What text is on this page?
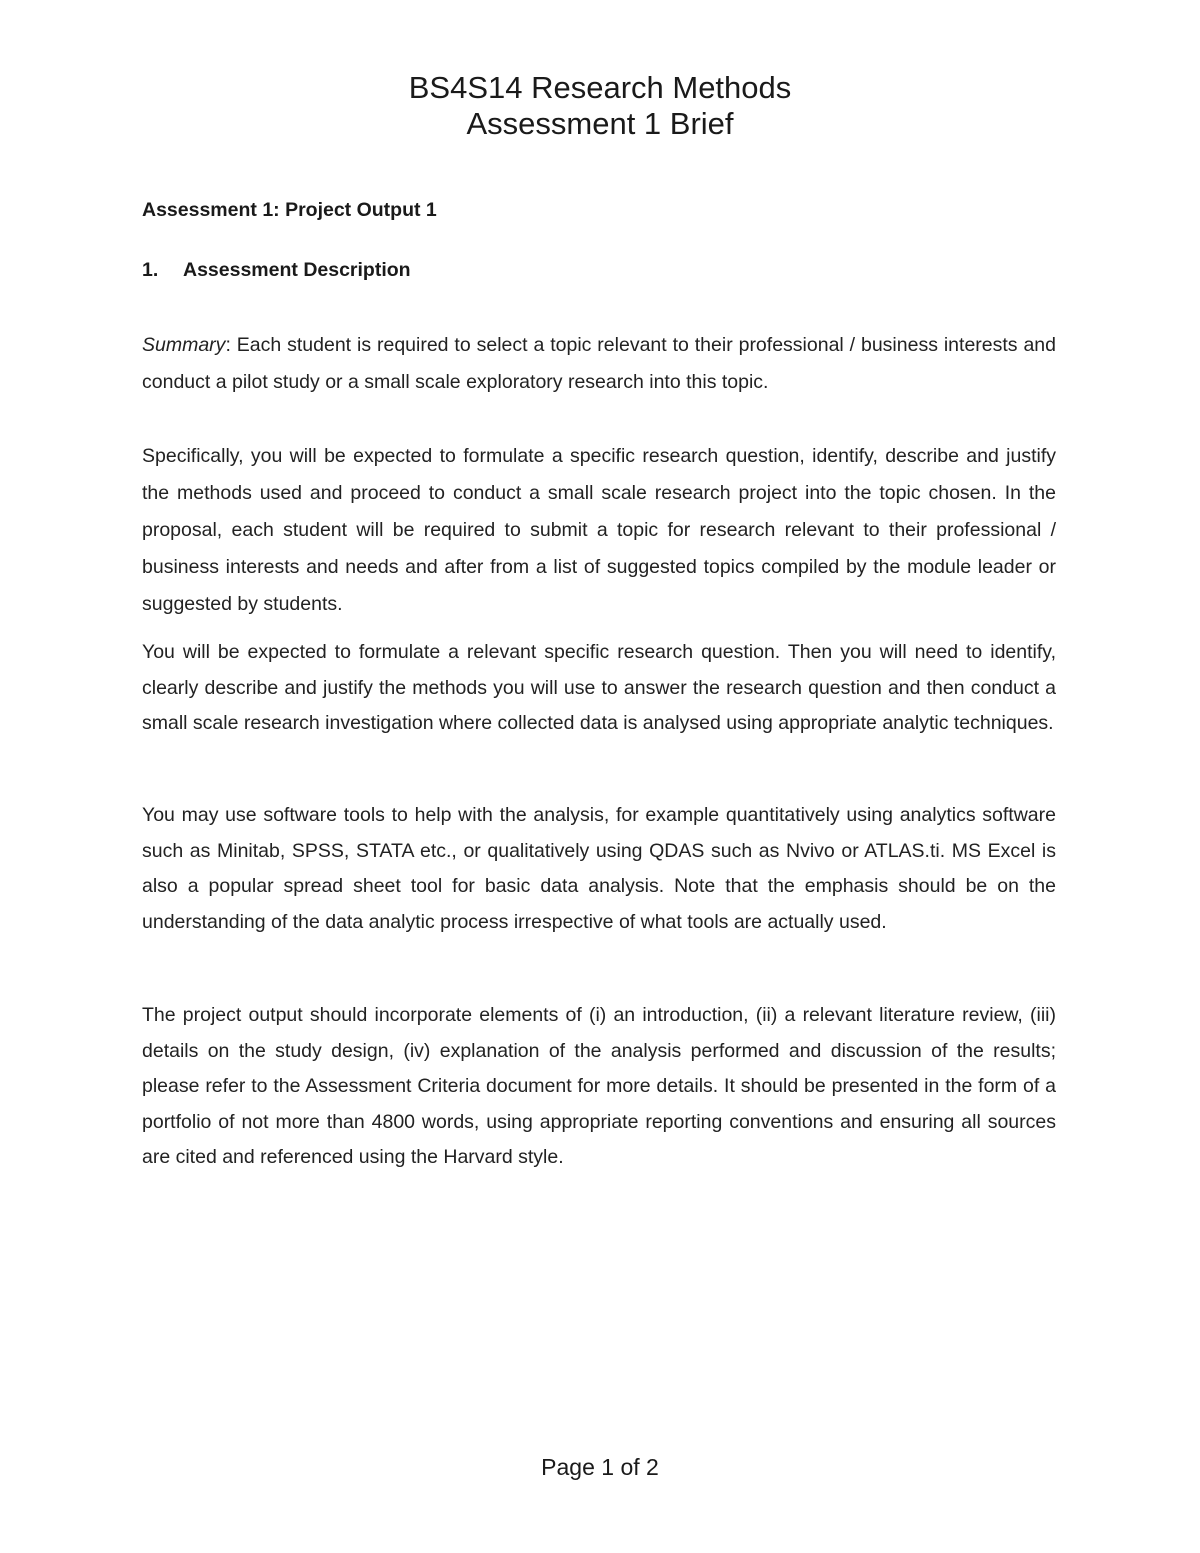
BS4S14 Research Methods
Assessment 1 Brief
Assessment 1: Project Output 1
1. Assessment Description
Summary: Each student is required to select a topic relevant to their professional / business interests and conduct a pilot study or a small scale exploratory research into this topic.
Specifically, you will be expected to formulate a specific research question, identify, describe and justify the methods used and proceed to conduct a small scale research project into the topic chosen. In the proposal, each student will be required to submit a topic for research relevant to their professional / business interests and needs and after from a list of suggested topics compiled by the module leader or suggested by students.
You will be expected to formulate a relevant specific research question. Then you will need to identify, clearly describe and justify the methods you will use to answer the research question and then conduct a small scale research investigation where collected data is analysed using appropriate analytic techniques.
You may use software tools to help with the analysis, for example quantitatively using analytics software such as Minitab, SPSS, STATA etc., or qualitatively using QDAS such as Nvivo or ATLAS.ti. MS Excel is also a popular spread sheet tool for basic data analysis. Note that the emphasis should be on the understanding of the data analytic process irrespective of what tools are actually used.
The project output should incorporate elements of (i) an introduction, (ii) a relevant literature review, (iii) details on the study design, (iv) explanation of the analysis performed and discussion of the results; please refer to the Assessment Criteria document for more details. It should be presented in the form of a portfolio of not more than 4800 words, using appropriate reporting conventions and ensuring all sources are cited and referenced using the Harvard style.
Page 1 of 2
